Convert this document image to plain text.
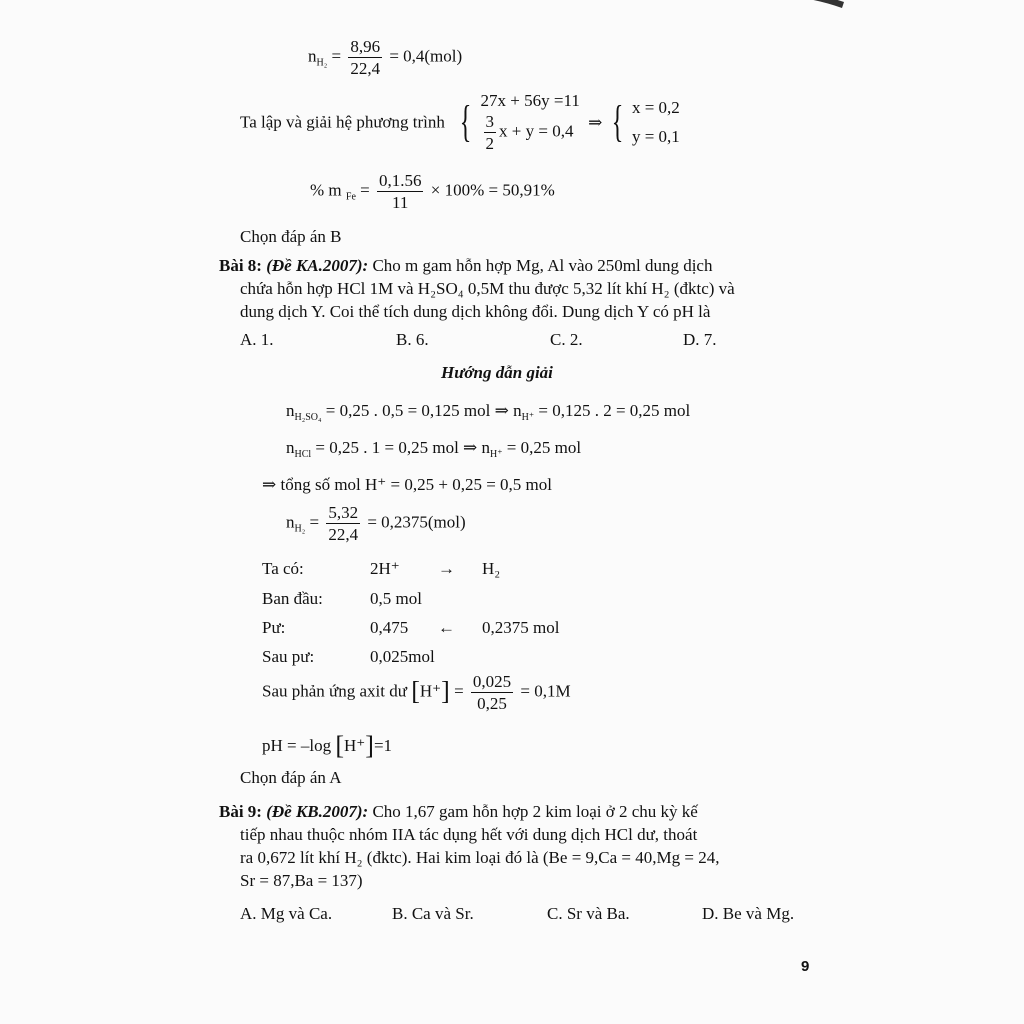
$n_{H_2} = \frac{8,96}{22,4} = 0,4(mol)$
Ta lập và giải hệ phương trình { 27x + 56y =11
$\frac{3}{2}$ x + y = 0,4 ⇒ { x = 0,2
y = 0,1
% m $_{Fe} = \frac{0,1.56}{11} \times 100\% = 50,91\%$
Chọn đáp án B
Bài 8: (Đề KA.2007): Cho m gam hỗn hợp Mg, Al vào 250ml dung dịch
chứa hỗn hợp HCl 1M và H₂SO₄ 0,5M thu được 5,32 lít khí H₂ (đktc) và
dung dịch Y. Coi thể tích dung dịch không đổi. Dung dịch Y có pH là
A. 1.	B. 6.	C. 2.	D. 7.
Hướng dẫn giải
$n_{H_2SO_4} = 0,25$ . 0,5 = 0,125 mol ⇒ $n_{H^+} = 0,125$ . 2 = 0,25 mol
$n_{HCl} = 0,25$ . 1 = 0,25 mol ⇒ $n_{H^+} = 0,25$ mol
⇒ tổng số mol H⁺ = 0,25 + 0,25 = 0,5 mol
$n_{H_2} = \frac{5,32}{22,4} = 0,2375(mol)$
Ta có:	2H⁺ → H₂
Ban đầu:	0,5 mol
Pư:	0,475 ← 0,2375 mol
Sau pư:	0,025mol
Sau phản ứng axit dư $[H^+] = \frac{0,025}{0,25} = 0,1M$
pH = –log [H⁺]=1
Chọn đáp án A
Bài 9: (Đề KB.2007): Cho 1,67 gam hỗn hợp 2 kim loại ở 2 chu kỳ kế
tiếp nhau thuộc nhóm IIA tác dụng hết với dung dịch HCl dư, thoát
ra 0,672 lít khí H₂ (đktc). Hai kim loại đó là (Be = 9,Ca = 40,Mg = 24,
Sr = 87,Ba = 137)
A. Mg và Ca.	B. Ca và Sr.	C. Sr và Ba.	D. Be và Mg.
9
